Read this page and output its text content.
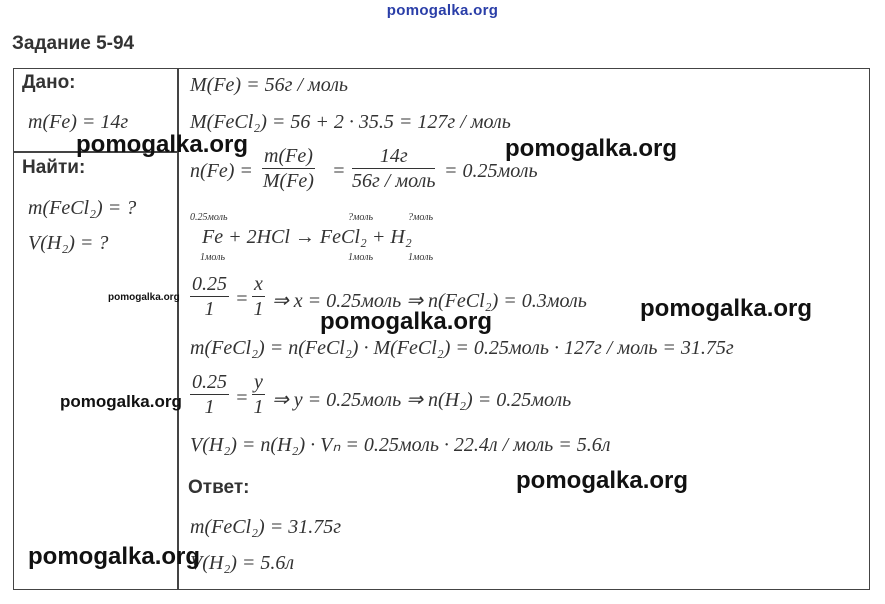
pomogalka.org
Задание 5-94
Дано:
m(Fe) = 14г
Найти:
m(FeCl₂) = ?
V(H₂) = ?
M(Fe) = 56г / моль
M(FeCl₂) = 56 + 2 · 35.5 = 127г / моль
$n(Fe) = \frac{m(Fe)}{M(Fe)}$ =
14г
56г / моль = 0.25моль
0.25моль	?моль	?моль
Fe + 2HCl → FeCl₂ + H₂
1моль	1моль	1моль
$\frac{0.25}{1} = \frac{x}{1}$ ⇒ x = 0.25моль ⇒ n(FeCl₂) = 0.3моль
m(FeCl₂) = n(FeCl₂) · M(FeCl₂) = 0.25моль · 127г / моль = 31.75г
$\frac{0.25}{1} = \frac{y}{1}$ ⇒ y = 0.25моль ⇒ n(H₂) = 0.25моль
V(H₂) = n(H₂) · Vₙ = 0.25моль · 22.4л / моль = 5.6л
Ответ:
m(FeCl₂) = 31.75г
V(H₂) = 5.6л
pomogalka.org	pomogalka.org
pomogalka.org	pomogalka.org
pomogalka.org
pomogalka.org
pomogalka.org
pomogalka.org
